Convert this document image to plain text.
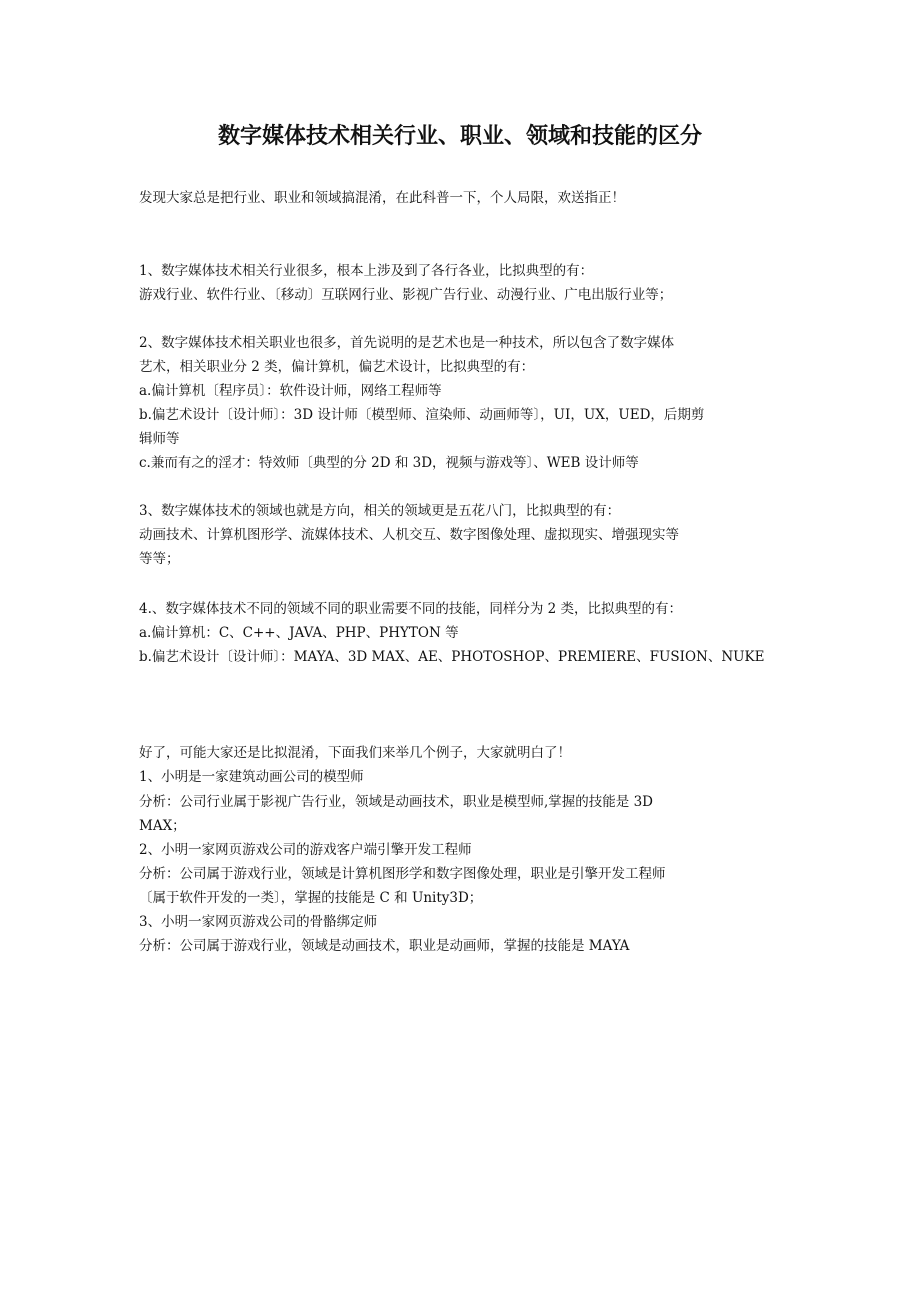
数字媒体技术相关行业、职业、领域和技能的区分
发现大家总是把行业、职业和领域搞混淆，在此科普一下，个人局限，欢送指正！
1、数字媒体技术相关行业很多，根本上涉及到了各行各业，比拟典型的有：
游戏行业、软件行业、〔移动〕互联网行业、影视广告行业、动漫行业、广电出版行业等；
2、数字媒体技术相关职业也很多，首先说明的是艺术也是一种技术，所以包含了数字媒体
艺术，相关职业分 2 类，偏计算机，偏艺术设计，比拟典型的有：
a.偏计算机〔程序员〕：软件设计师，网络工程师等
b.偏艺术设计〔设计师〕：3D 设计师〔模型师、渲染师、动画师等〕，UI，UX，UED，后期剪
辑师等
c.兼而有之的淫才：特效师〔典型的分 2D 和 3D，视频与游戏等〕、WEB 设计师等
3、数字媒体技术的领域也就是方向，相关的领域更是五花八门，比拟典型的有：
动画技术、计算机图形学、流媒体技术、人机交互、数字图像处理、虚拟现实、增强现实等
等等；
4.、数字媒体技术不同的领域不同的职业需要不同的技能，同样分为 2 类，比拟典型的有：
a.偏计算机：C、C++、JAVA、PHP、PHYTON 等
b.偏艺术设计〔设计师〕：MAYA、3D MAX、AE、PHOTOSHOP、PREMIERE、FUSION、NUKE
好了，可能大家还是比拟混淆，下面我们来举几个例子，大家就明白了！
1、小明是一家建筑动画公司的模型师
分析：公司行业属于影视广告行业，领域是动画技术，职业是模型师,掌握的技能是 3D
MAX；
2、小明一家网页游戏公司的游戏客户端引擎开发工程师
分析：公司属于游戏行业，领域是计算机图形学和数字图像处理，职业是引擎开发工程师
〔属于软件开发的一类〕，掌握的技能是 C 和 Unity3D；
3、小明一家网页游戏公司的骨骼绑定师
分析：公司属于游戏行业，领域是动画技术，职业是动画师，掌握的技能是 MAYA
